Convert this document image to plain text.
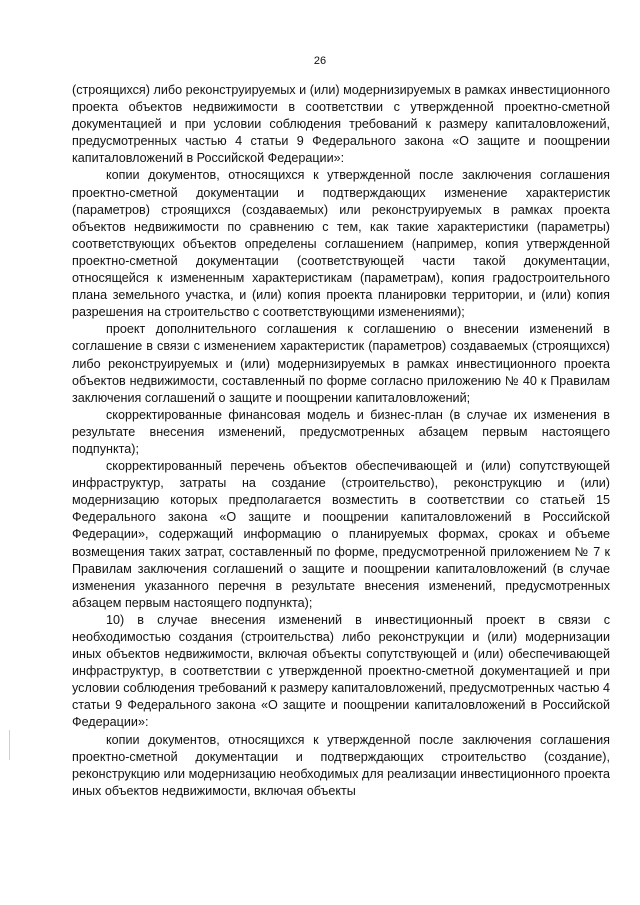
26

(строящихся) либо реконструируемых и (или) модернизируемых в рамках инвестиционного проекта объектов недвижимости в соответствии с утвержденной проектно-сметной документацией и при условии соблюдения требований к размеру капиталовложений, предусмотренных частью 4 статьи 9 Федерального закона «О защите и поощрении капиталовложений в Российской Федерации»:

копии документов, относящихся к утвержденной после заключения соглашения проектно-сметной документации и подтверждающих изменение характеристик (параметров) строящихся (создаваемых) или реконструируемых в рамках проекта объектов недвижимости по сравнению с тем, как такие характеристики (параметры) соответствующих объектов определены соглашением (например, копия утвержденной проектно-сметной документации (соответствующей части такой документации, относящейся к измененным характеристикам (параметрам), копия градостроительного плана земельного участка, и (или) копия проекта планировки территории, и (или) копия разрешения на строительство с соответствующими изменениями);

проект дополнительного соглашения к соглашению о внесении изменений в соглашение в связи с изменением характеристик (параметров) создаваемых (строящихся) либо реконструируемых и (или) модернизируемых в рамках инвестиционного проекта объектов недвижимости, составленный по форме согласно приложению № 40 к Правилам заключения соглашений о защите и поощрении капиталовложений;

скорректированные финансовая модель и бизнес-план (в случае их изменения в результате внесения изменений, предусмотренных абзацем первым настоящего подпункта);

скорректированный перечень объектов обеспечивающей и (или) сопутствующей инфраструктур, затраты на создание (строительство), реконструкцию и (или) модернизацию которых предполагается возместить в соответствии со статьей 15 Федерального закона «О защите и поощрении капиталовложений в Российской Федерации», содержащий информацию о планируемых формах, сроках и объеме возмещения таких затрат, составленный по форме, предусмотренной приложением № 7 к Правилам заключения соглашений о защите и поощрении капиталовложений (в случае изменения указанного перечня в результате внесения изменений, предусмотренных абзацем первым настоящего подпункта);

10) в случае внесения изменений в инвестиционный проект в связи с необходимостью создания (строительства) либо реконструкции и (или) модернизации иных объектов недвижимости, включая объекты сопутствующей и (или) обеспечивающей инфраструктур, в соответствии с утвержденной проектно-сметной документацией и при условии соблюдения требований к размеру капиталовложений, предусмотренных частью 4 статьи 9 Федерального закона «О защите и поощрении капиталовложений в Российской Федерации»:

копии документов, относящихся к утвержденной после заключения соглашения проектно-сметной документации и подтверждающих строительство (создание), реконструкцию или модернизацию необходимых для реализации инвестиционного проекта иных объектов недвижимости, включая объекты
